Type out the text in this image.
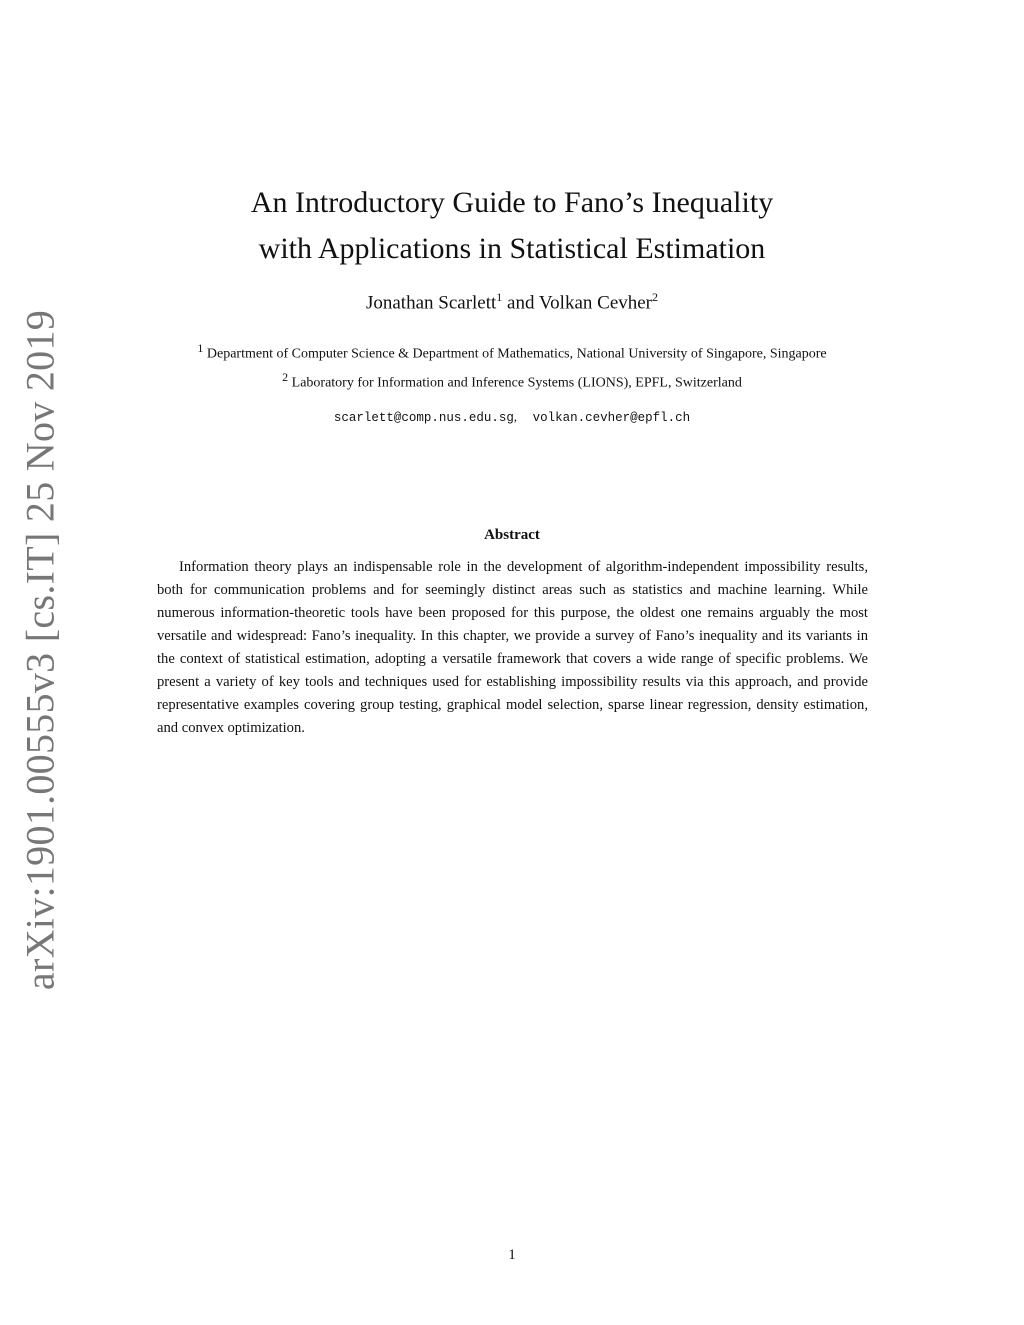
arXiv:1901.00555v3 [cs.IT] 25 Nov 2019
An Introductory Guide to Fano’s Inequality
with Applications in Statistical Estimation
Jonathan Scarlett$^1$ and Volkan Cevher$^2$
$^1$ Department of Computer Science & Department of Mathematics, National University of Singapore, Singapore
$^2$ Laboratory for Information and Inference Systems (LIONS), EPFL, Switzerland
scarlett@comp.nus.edu.sg, volkan.cevher@epfl.ch
Abstract
Information theory plays an indispensable role in the development of algorithm-independent impossibility results, both for communication problems and for seemingly distinct areas such as statistics and machine learning. While numerous information-theoretic tools have been proposed for this purpose, the oldest one remains arguably the most versatile and widespread: Fano’s inequality. In this chapter, we provide a survey of Fano’s inequality and its variants in the context of statistical estimation, adopting a versatile framework that covers a wide range of specific problems. We present a variety of key tools and techniques used for establishing impossibility results via this approach, and provide representative examples covering group testing, graphical model selection, sparse linear regression, density estimation, and convex optimization.
1
